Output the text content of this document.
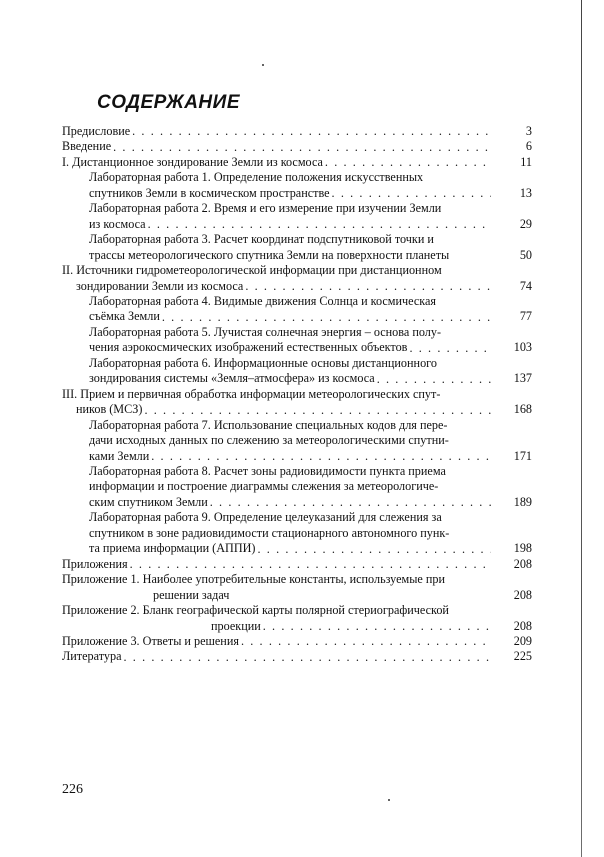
СОДЕРЖАНИЕ
Предисловие . . .	3
Введение . . .	6
I. Дистанционное зондирование Земли из космоса . . .	11
Лабораторная работа 1. Определение положения искусственных
спутников Земли в космическом пространстве . . .	13
Лабораторная работа 2. Время и его измерение при изучении Земли
из космоса . . .	29
Лабораторная работа 3. Расчет координат подспутниковой точки и
трассы метеорологического спутника Земли на поверхности планеты	50
II. Источники гидрометеорологической информации при дистанционном
зондировании Земли из космоса . . .	74
Лабораторная работа 4. Видимые движения Солнца и космическая
съёмка Земли . . .	77
Лабораторная работа 5. Лучистая солнечная энергия – основа полу-
чения аэрокосмических изображений естественных объектов . . .	103
Лабораторная работа 6. Информационные основы дистанционного
зондирования системы «Земля–атмосфера» из космоса . . .	137
III. Прием и первичная обработка информации метеорологических спут-
ников (МСЗ) . . .	168
Лабораторная работа 7. Использование специальных кодов для пере-
дачи исходных данных по слежению за метеорологическими спутни-
ками Земли . . .	171
Лабораторная работа 8. Расчет зоны радиовидимости пункта приема
информации и построение диаграммы слежения за метеорологиче-
ским спутником Земли . . .	189
Лабораторная работа 9. Определение целеуказаний для слежения за
спутником в зоне радиовидимости стационарного автономного пунк-
та приема информации (АППИ) . . .	198
Приложения . . .	208
Приложение 1. Наиболее употребительные константы, используемые при
решении задач	208
Приложение 2. Бланк географической карты полярной стериографической
проекции . . .	208
Приложение 3. Ответы и решения . . .	209
Литература . . .	225
226
